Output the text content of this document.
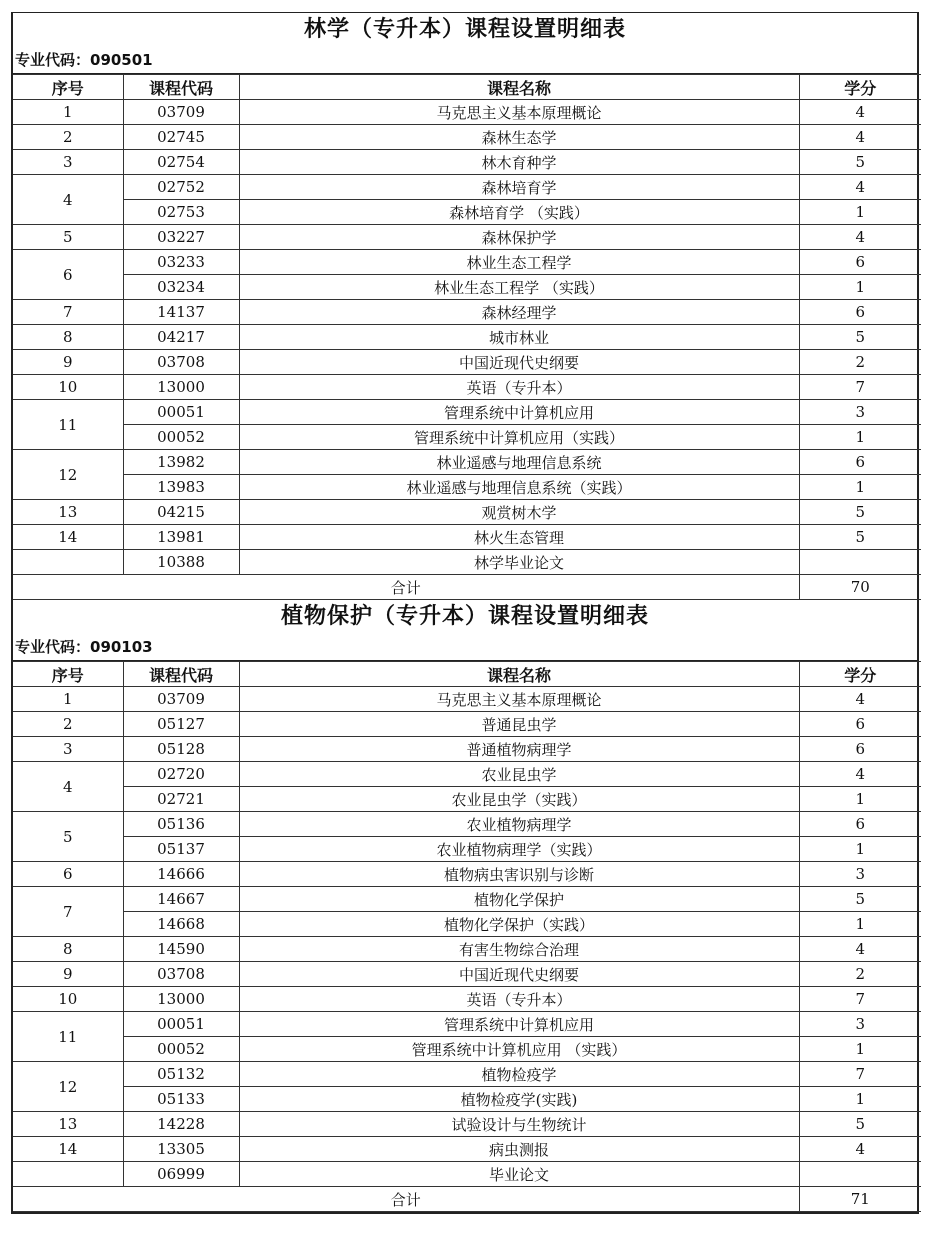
林学（专升本）课程设置明细表
专业代码：090501
序号	课程代码	课程名称	学分
1	03709	马克思主义基本原理概论	4
2	02745	森林生态学	4
3	02754	林木育种学	5
4	02752	森林培育学	4
	02753	森林培育学 （实践）	1
5	03227	森林保护学	4
6	03233	林业生态工程学	6
	03234	林业生态工程学 （实践）	1
7	14137	森林经理学	6
8	04217	城市林业	5
9	03708	中国近现代史纲要	2
10	13000	英语（专升本）	7
11	00051	管理系统中计算机应用	3
	00052	管理系统中计算机应用（实践）	1
12	13982	林业遥感与地理信息系统	6
	13983	林业遥感与地理信息系统（实践）	1
13	04215	观赏树木学	5
14	13981	林火生态管理	5
	10388	林学毕业论文	
合计			70
植物保护（专升本）课程设置明细表
专业代码：090103
序号	课程代码	课程名称	学分
1	03709	马克思主义基本原理概论	4
2	05127	普通昆虫学	6
3	05128	普通植物病理学	6
4	02720	农业昆虫学	4
	02721	农业昆虫学（实践）	1
5	05136	农业植物病理学	6
	05137	农业植物病理学（实践）	1
6	14666	植物病虫害识别与诊断	3
7	14667	植物化学保护	5
	14668	植物化学保护（实践）	1
8	14590	有害生物综合治理	4
9	03708	中国近现代史纲要	2
10	13000	英语（专升本）	7
11	00051	管理系统中计算机应用	3
	00052	管理系统中计算机应用 （实践）	1
12	05132	植物检疫学	7
	05133	植物检疫学(实践)	1
13	14228	试验设计与生物统计	5
14	13305	病虫测报	4
	06999	毕业论文	
合计			71
